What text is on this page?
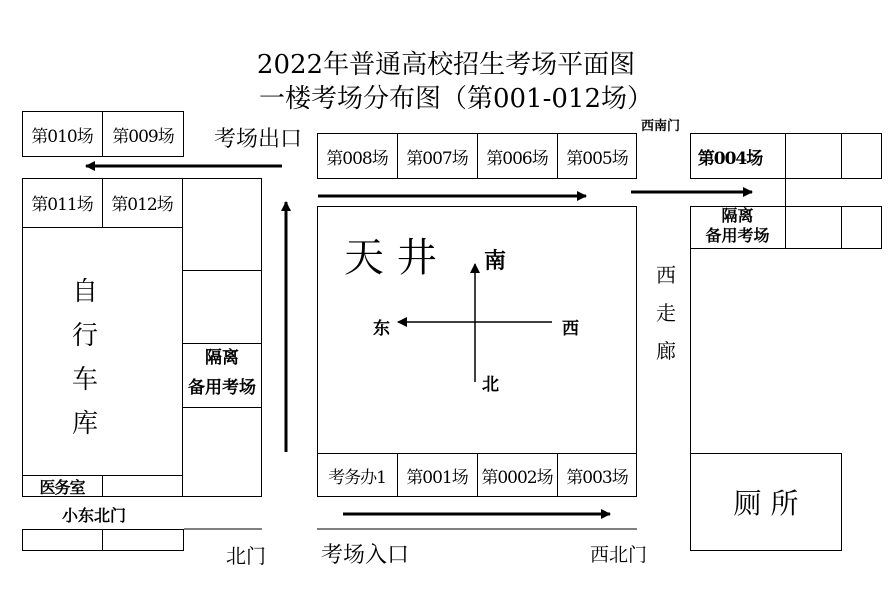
2022年普通高校招生考场平面图
一楼考场分布图（第001-012场）
第010场	第009场	考场出口
第011场	第012场
自行车库
隔离
备用考场
医务室
小东北门
北门
第008场	第007场	第006场	第005场
天 井 南
北
东	西
考务办1	第001场 第0002场 第003场
考场入口	西北门
西走廊
西南门
第004场
隔离
备用考场
厕 所
